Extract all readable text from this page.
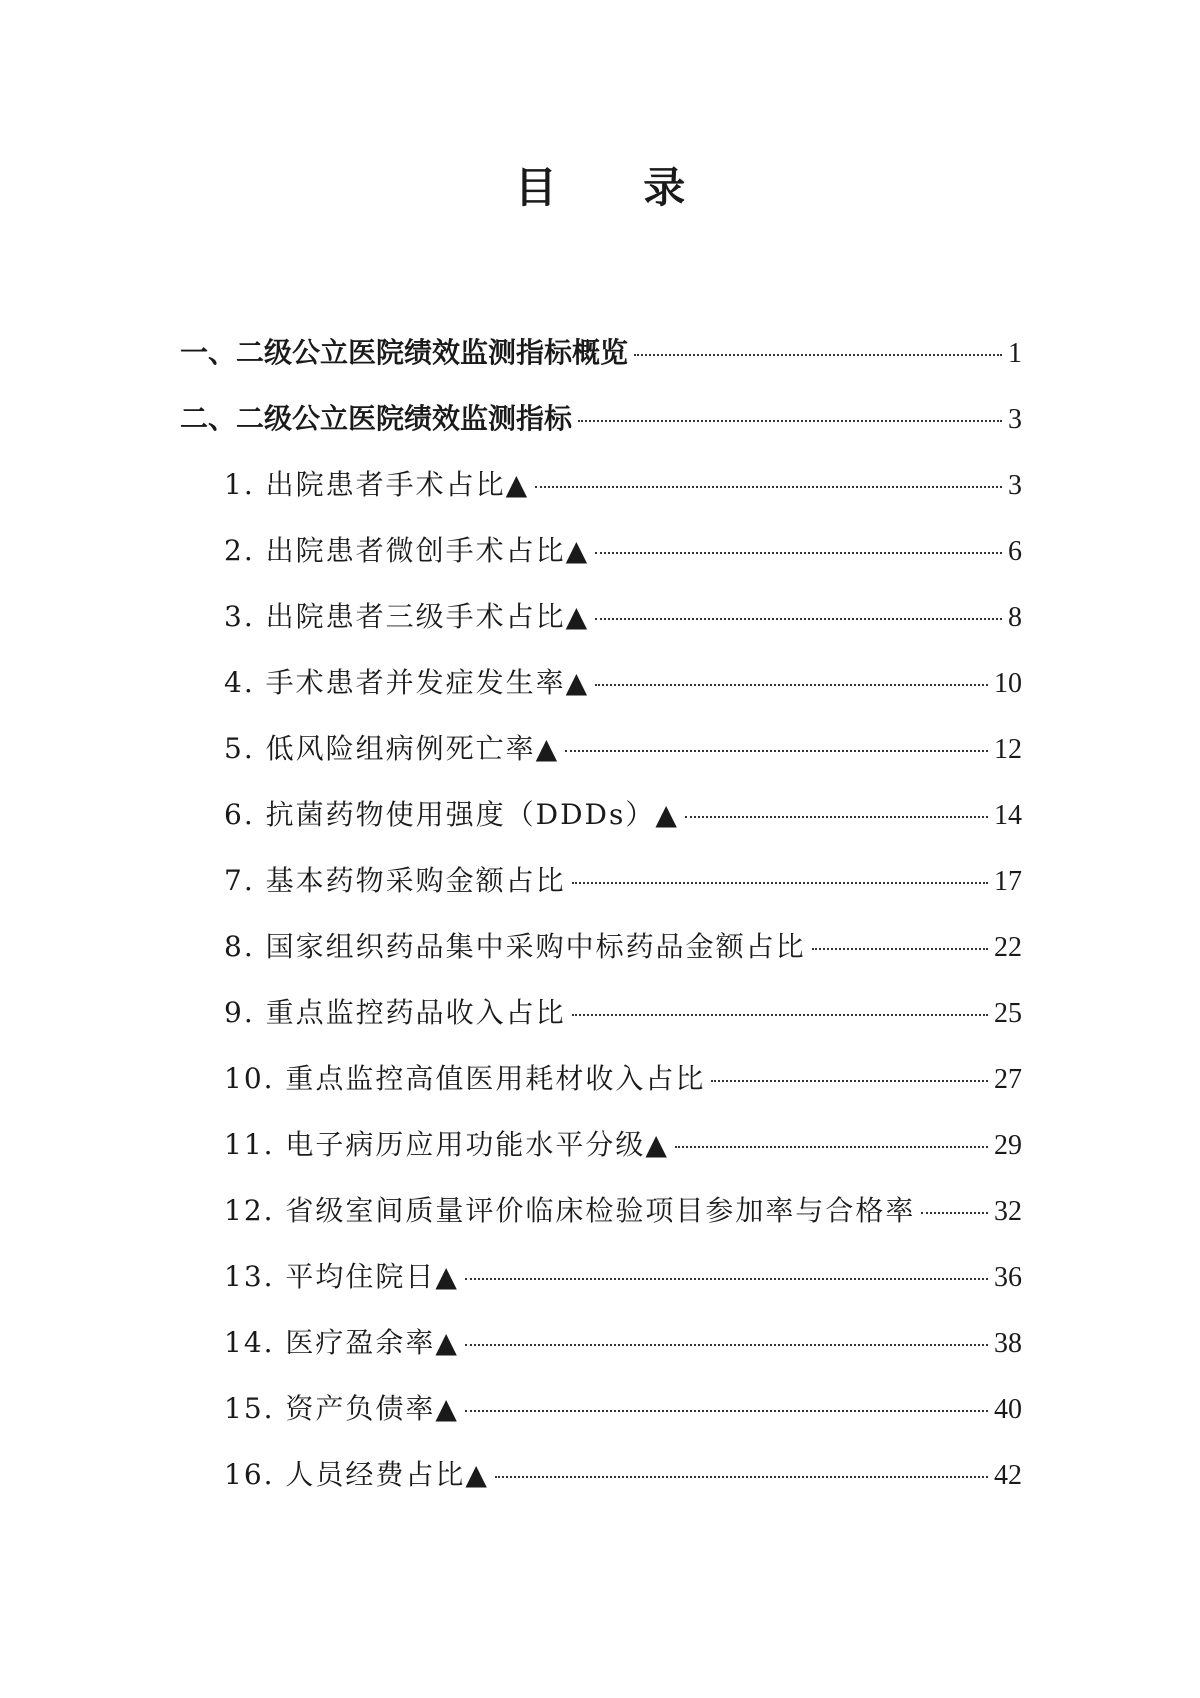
目 录
一、二级公立医院绩效监测指标概览	1
二、二级公立医院绩效监测指标	3
1. 出院患者手术占比▲	3
2. 出院患者微创手术占比▲	6
3. 出院患者三级手术占比▲	8
4. 手术患者并发症发生率▲	10
5. 低风险组病例死亡率▲	12
6. 抗菌药物使用强度（DDDs）▲	14
7. 基本药物采购金额占比	17
8. 国家组织药品集中采购中标药品金额占比	22
9. 重点监控药品收入占比	25
10. 重点监控高值医用耗材收入占比	27
11. 电子病历应用功能水平分级▲	29
12. 省级室间质量评价临床检验项目参加率与合格率	32
13. 平均住院日▲	36
14. 医疗盈余率▲	38
15. 资产负债率▲	40
16. 人员经费占比▲	42
